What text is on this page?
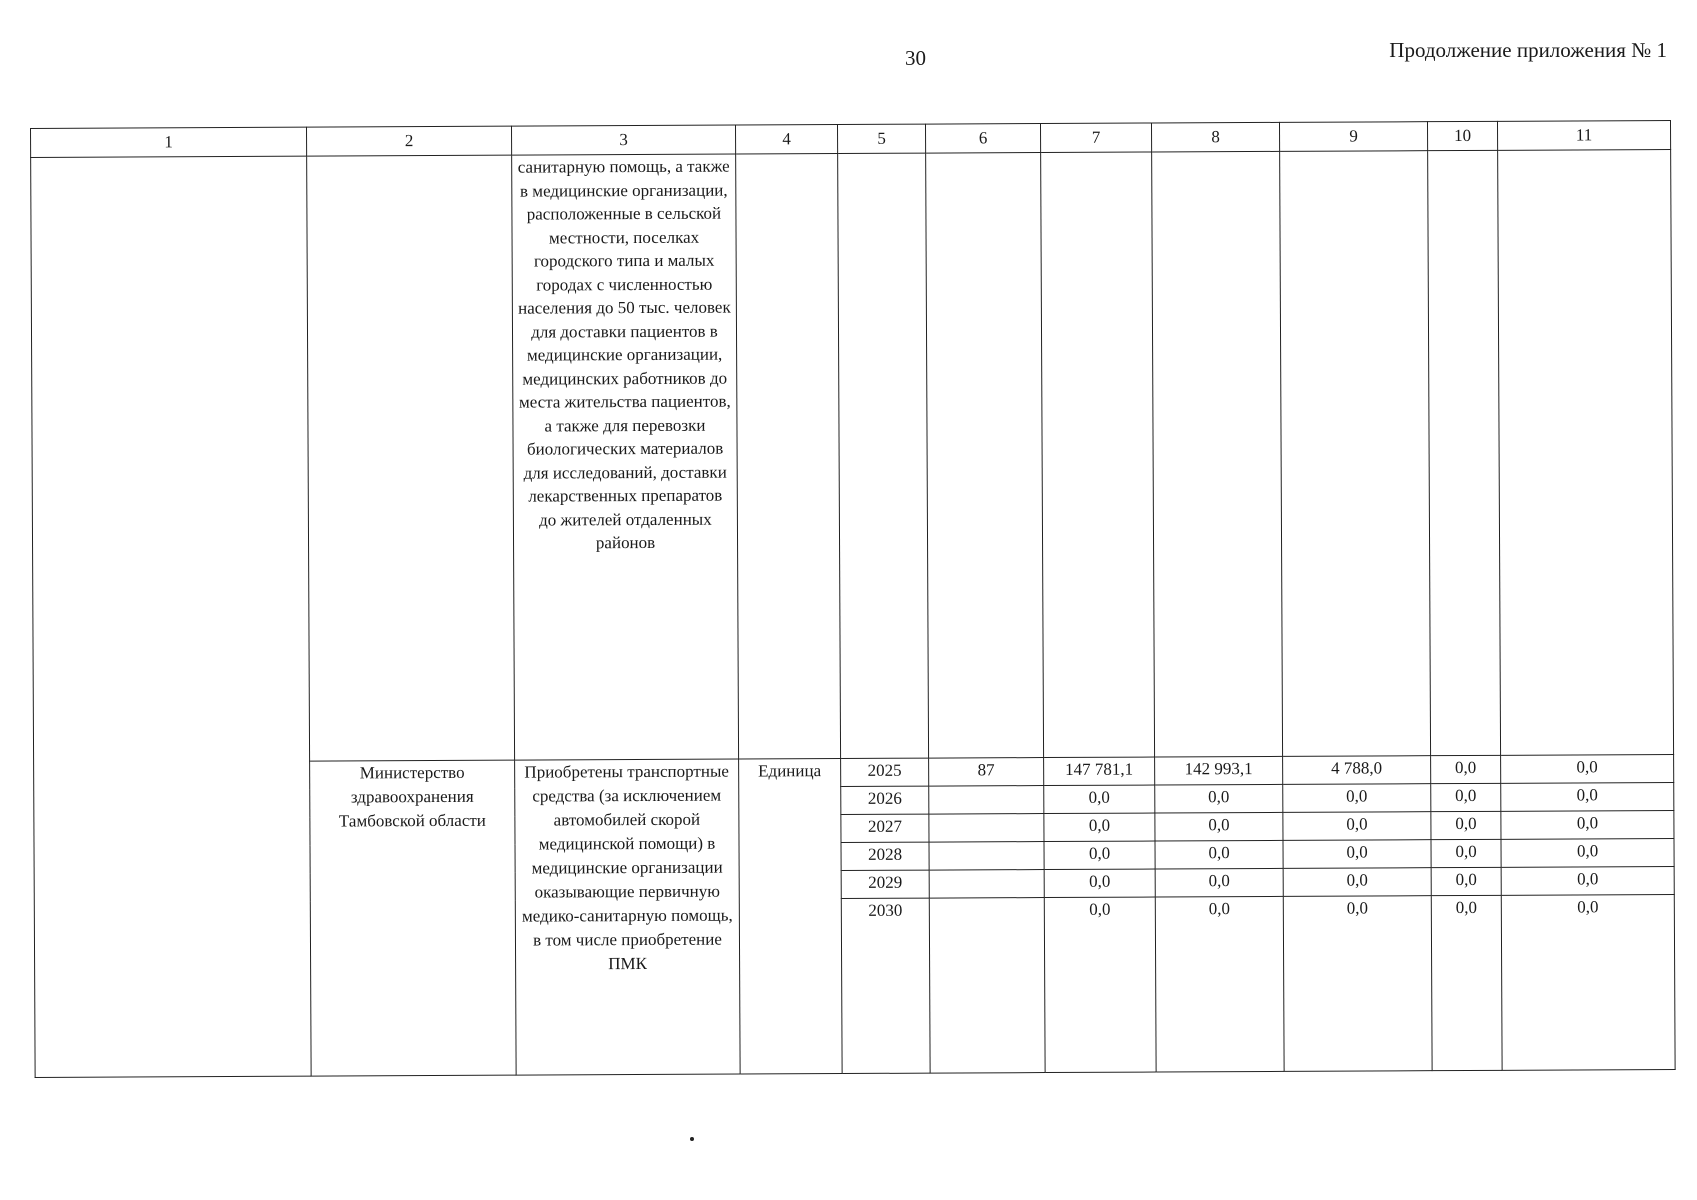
30	Продолжение приложения № 1
1	2	3	4	5	6	7	8	9	10	11
		санитарную помощь, а также в медицинские организации, расположенные в сельской местности, поселках городского типа и малых городах с численностью населения до 50 тыс. человек для доставки пациентов в медицинские организации, медицинских работников до места жительства пациентов, а также для перевозки биологических материалов для исследований, доставки лекарственных препаратов до жителей отдаленных районов								
	Министерство здравоохранения Тамбовской области	Приобретены транспортные средства (за исключением автомобилей скорой медицинской помощи) в медицинские организации оказывающие первичную медико-санитарную помощь, в том числе приобретение ПМК	Единица	2025	87	147 781,1	142 993,1	4 788,0	0,0	0,0
				2026		0,0	0,0	0,0	0,0	0,0
				2027		0,0	0,0	0,0	0,0	0,0
				2028		0,0	0,0	0,0	0,0	0,0
				2029		0,0	0,0	0,0	0,0	0,0
				2030		0,0	0,0	0,0	0,0	0,0
